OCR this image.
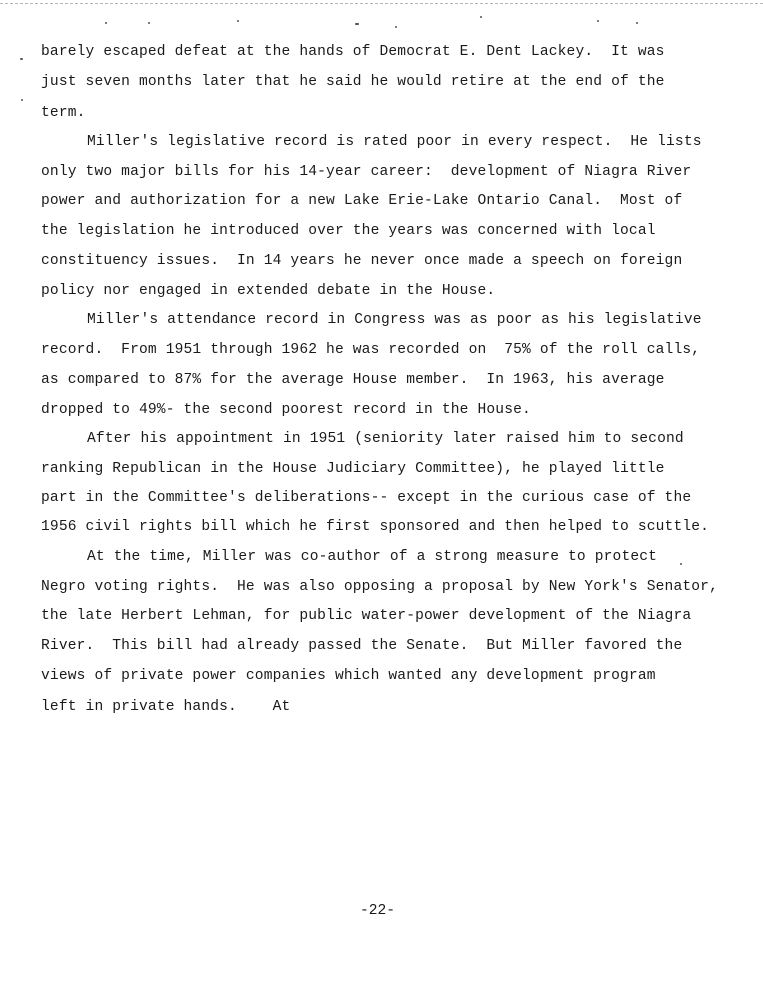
barely escaped defeat at the hands of Democrat E. Dent Lackey.  It was
just seven months later that he said he would retire at the end of the
term.
Miller's legislative record is rated poor in every respect.  He lists
only two major bills for his 14-year career:  development of Niagra River
power and authorization for a new Lake Erie-Lake Ontario Canal.  Most of
the legislation he introduced over the years was concerned with local
constituency issues.  In 14 years he never once made a speech on foreign
policy nor engaged in extended debate in the House.
Miller's attendance record in Congress was as poor as his legislative
record.  From 1951 through 1962 he was recorded on  75% of the roll calls,
as compared to 87% for the average House member.  In 1963, his average
dropped to 49%- the second poorest record in the House.
After his appointment in 1951 (seniority later raised him to second
ranking Republican in the House Judiciary Committee), he played little
part in the Committee's deliberations-- except in the curious case of the
1956 civil rights bill which he first sponsored and then helped to scuttle.
At the time, Miller was co-author of a strong measure to protect
Negro voting rights.  He was also opposing a proposal by New York's Senator,
the late Herbert Lehman, for public water-power development of the Niagra
River.  This bill had already passed the Senate.  But Miller favored the
views of private power companies which wanted any development program
left in private hands.    At
-22-
